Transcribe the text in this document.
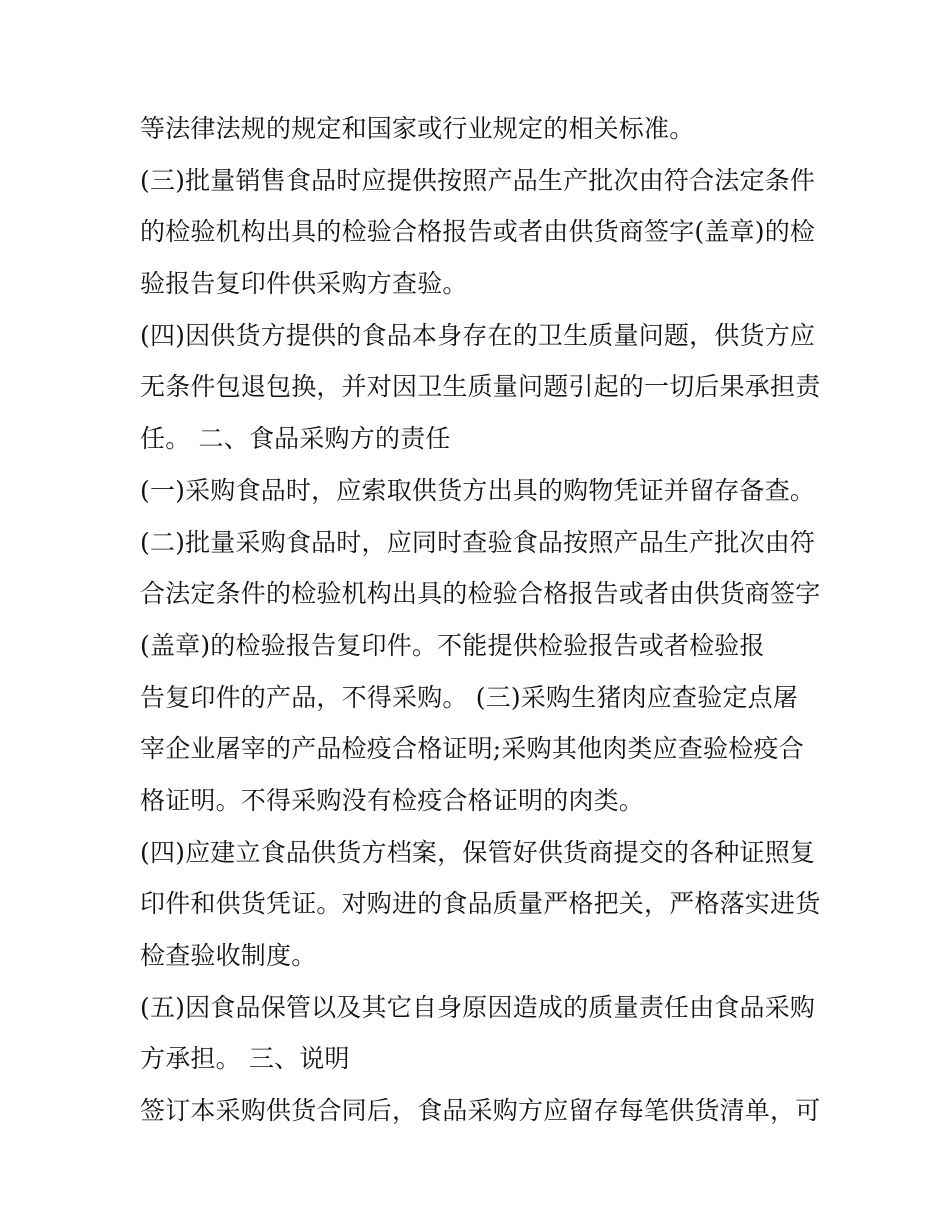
等法律法规的规定和国家或行业规定的相关标准。
(三)批量销售食品时应提供按照产品生产批次由符合法定条件
的检验机构出具的检验合格报告或者由供货商签字(盖章)的检
验报告复印件供采购方查验。
(四)因供货方提供的食品本身存在的卫生质量问题，供货方应
无条件包退包换，并对因卫生质量问题引起的一切后果承担责
任。 二、食品采购方的责任
(一)采购食品时，应索取供货方出具的购物凭证并留存备查。
(二)批量采购食品时，应同时查验食品按照产品生产批次由符
合法定条件的检验机构出具的检验合格报告或者由供货商签字
(盖章)的检验报告复印件。不能提供检验报告或者检验报
告复印件的产品，不得采购。 (三)采购生猪肉应查验定点屠
宰企业屠宰的产品检疫合格证明;采购其他肉类应查验检疫合
格证明。不得采购没有检疫合格证明的肉类。
(四)应建立食品供货方档案，保管好供货商提交的各种证照复
印件和供货凭证。对购进的食品质量严格把关，严格落实进货
检查验收制度。
(五)因食品保管以及其它自身原因造成的质量责任由食品采购
方承担。 三、说明
签订本采购供货合同后，食品采购方应留存每笔供货清单，可
